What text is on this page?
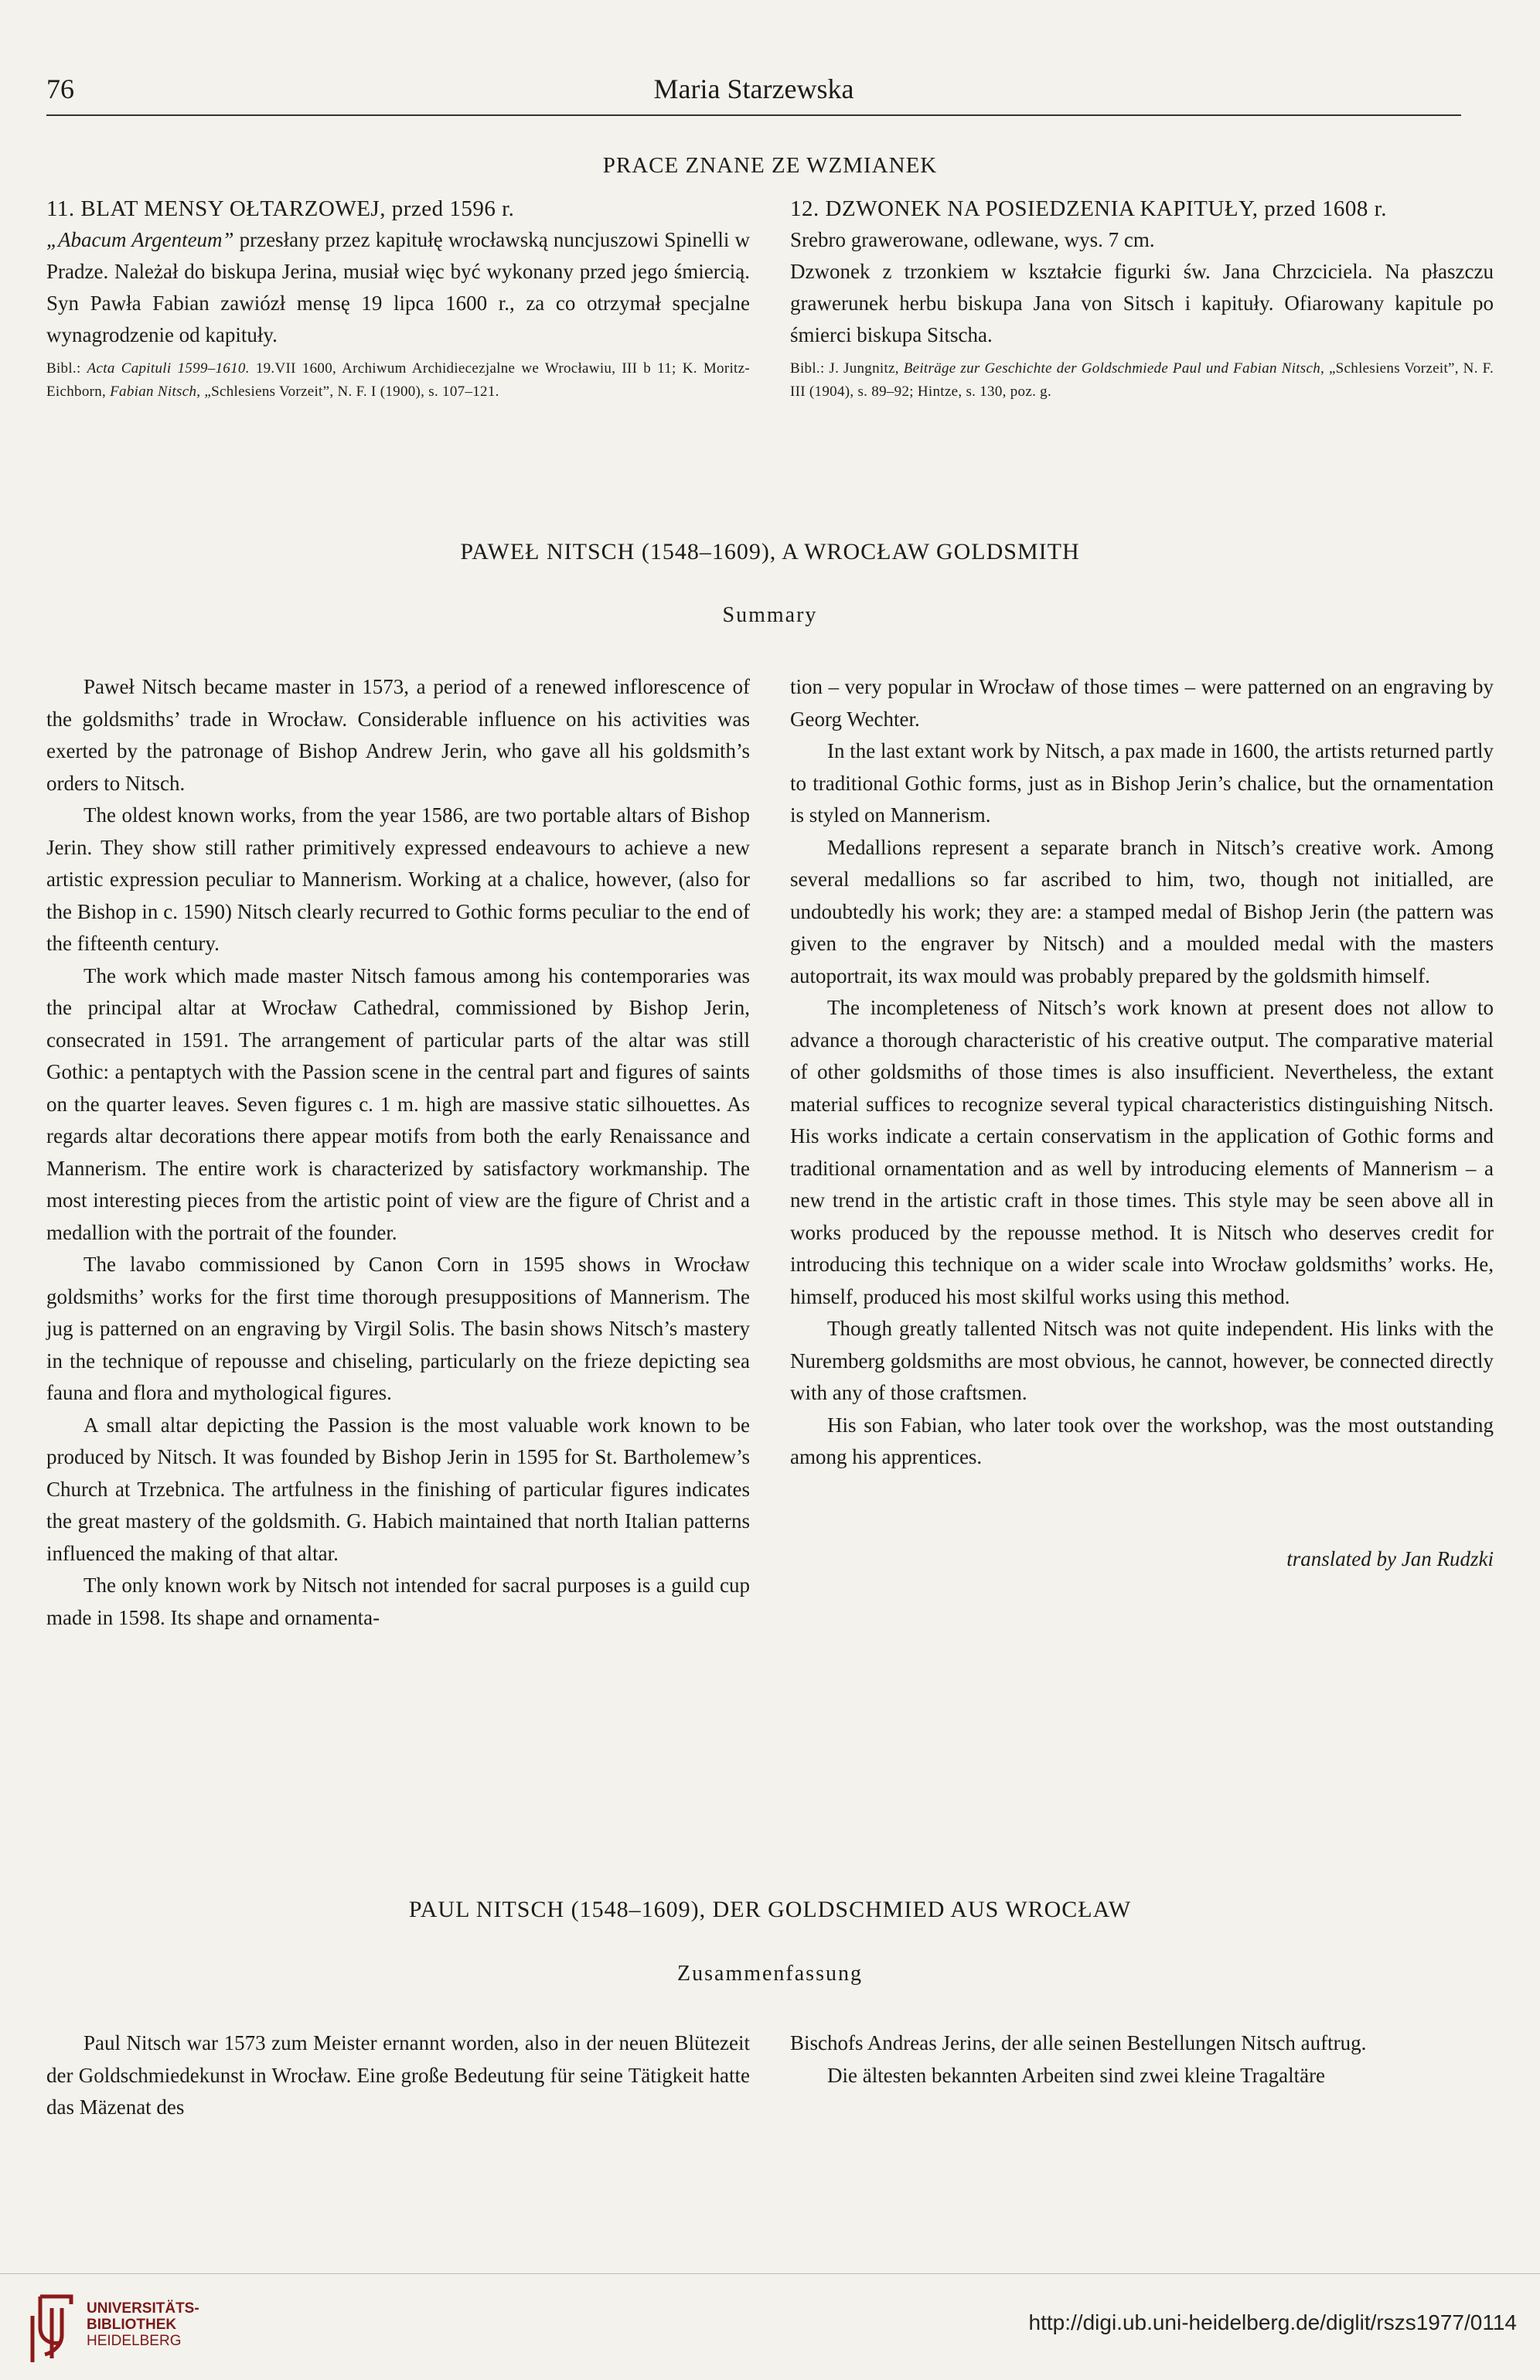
76	Maria Starzewska
PRACE ZNANE ZE WZMIANEK

11. BLAT MENSY OŁTARZOWEJ, przed 1596 r.

„Abacum Argenteum” przesłany przez kapitułę wrocławską nuncjuszowi Spinelli w Pradze. Należał do biskupa Jerina, musiał więc być wykonany przed jego śmiercią. Syn Pawła Fabian zawiózł mensę 19 lipca 1600 r., za co otrzymał specjalne wynagrodzenie od kapituły.

Bibl.: Acta Capituli 1599–1610. 19.VII 1600, Archiwum Archidiecezjalne we Wrocławiu, III b 11; K. Moritz-Eichborn, Fabian Nitsch, „Schlesiens Vorzeit”, N. F. I (1900), s. 107–121.

12. DZWONEK NA POSIEDZENIA KAPITUŁY, przed 1608 r.

Srebro grawerowane, odlewane, wys. 7 cm.

Dzwonek z trzonkiem w kształcie figurki św. Jana Chrzciciela. Na płaszczu grawerunek herbu biskupa Jana von Sitsch i kapituły. Ofiarowany kapitule po śmierci biskupa Sitscha.

Bibl.: J. Jungnitz, Beiträge zur Geschichte der Goldschmiede Paul und Fabian Nitsch, „Schlesiens Vorzeit”, N. F. III (1904), s. 89–92; Hintze, s. 130, poz. g.

PAWEŁ NITSCH (1548–1609), A WROCŁAW GOLDSMITH
Summary

Paweł Nitsch became master in 1573, a period of a renewed inflorescence of the goldsmiths’ trade in Wrocław. Considerable influence on his activities was exerted by the patronage of Bishop Andrew Jerin, who gave all his goldsmith’s orders to Nitsch.

The oldest known works, from the year 1586, are two portable altars of Bishop Jerin. They show still rather primitively expressed endeavours to achieve a new artistic expression peculiar to Mannerism. Working at a chalice, however, (also for the Bishop in c. 1590) Nitsch clearly recurred to Gothic forms peculiar to the end of the fifteenth century.

The work which made master Nitsch famous among his contemporaries was the principal altar at Wrocław Cathedral, commissioned by Bishop Jerin, consecrated in 1591. The arrangement of particular parts of the altar was still Gothic: a pentaptych with the Passion scene in the central part and figures of saints on the quarter leaves. Seven figures c. 1 m. high are massive static silhouettes. As regards altar decorations there appear motifs from both the early Renaissance and Mannerism. The entire work is characterized by satisfactory workmanship. The most interesting pieces from the artistic point of view are the figure of Christ and a medallion with the portrait of the founder.

The lavabo commissioned by Canon Corn in 1595 shows in Wrocław goldsmiths’ works for the first time thorough presuppositions of Mannerism. The jug is patterned on an engraving by Virgil Solis. The basin shows Nitsch’s mastery in the technique of repousse and chiseling, particularly on the frieze depicting sea fauna and flora and mythological figures.

A small altar depicting the Passion is the most valuable work known to be produced by Nitsch. It was founded by Bishop Jerin in 1595 for St. Bartholemew’s Church at Trzebnica. The artfulness in the finishing of particular figures indicates the great mastery of the goldsmith. G. Habich maintained that north Italian patterns influenced the making of that altar.

The only known work by Nitsch not intended for sacral purposes is a guild cup made in 1598. Its shape and ornamenta-

tion – very popular in Wrocław of those times – were patterned on an engraving by Georg Wechter.

In the last extant work by Nitsch, a pax made in 1600, the artists returned partly to traditional Gothic forms, just as in Bishop Jerin’s chalice, but the ornamentation is styled on Mannerism.

Medallions represent a separate branch in Nitsch’s creative work. Among several medallions so far ascribed to him, two, though not initialled, are undoubtedly his work; they are: a stamped medal of Bishop Jerin (the pattern was given to the engraver by Nitsch) and a moulded medal with the masters autoportrait, its wax mould was probably prepared by the goldsmith himself.

The incompleteness of Nitsch’s work known at present does not allow to advance a thorough characteristic of his creative output. The comparative material of other goldsmiths of those times is also insufficient. Nevertheless, the extant material suffices to recognize several typical characteristics distinguishing Nitsch. His works indicate a certain conservatism in the application of Gothic forms and traditional ornamentation and as well by introducing elements of Mannerism – a new trend in the artistic craft in those times. This style may be seen above all in works produced by the repousse method. It is Nitsch who deserves credit for introducing this technique on a wider scale into Wrocław goldsmiths’ works. He, himself, produced his most skilful works using this method.

Though greatly tallented Nitsch was not quite independent. His links with the Nuremberg goldsmiths are most obvious, he cannot, however, be connected directly with any of those craftsmen.

His son Fabian, who later took over the workshop, was the most outstanding among his apprentices.

translated by Jan Rudzki

PAUL NITSCH (1548–1609), DER GOLDSCHMIED AUS WROCŁAW
Zusammenfassung

Paul Nitsch war 1573 zum Meister ernannt worden, also in der neuen Blütezeit der Goldschmiedekunst in Wrocław. Eine große Bedeutung für seine Tätigkeit hatte das Mäzenat des

Bischofs Andreas Jerins, der alle seinen Bestellungen Nitsch auftrug.

Die ältesten bekannten Arbeiten sind zwei kleine Tragaltäre

UNIVERSITÄTS-
BIBLIOTHEK
HEIDELBERG
http://digi.ub.uni-heidelberg.de/diglit/rszs1977/0114
